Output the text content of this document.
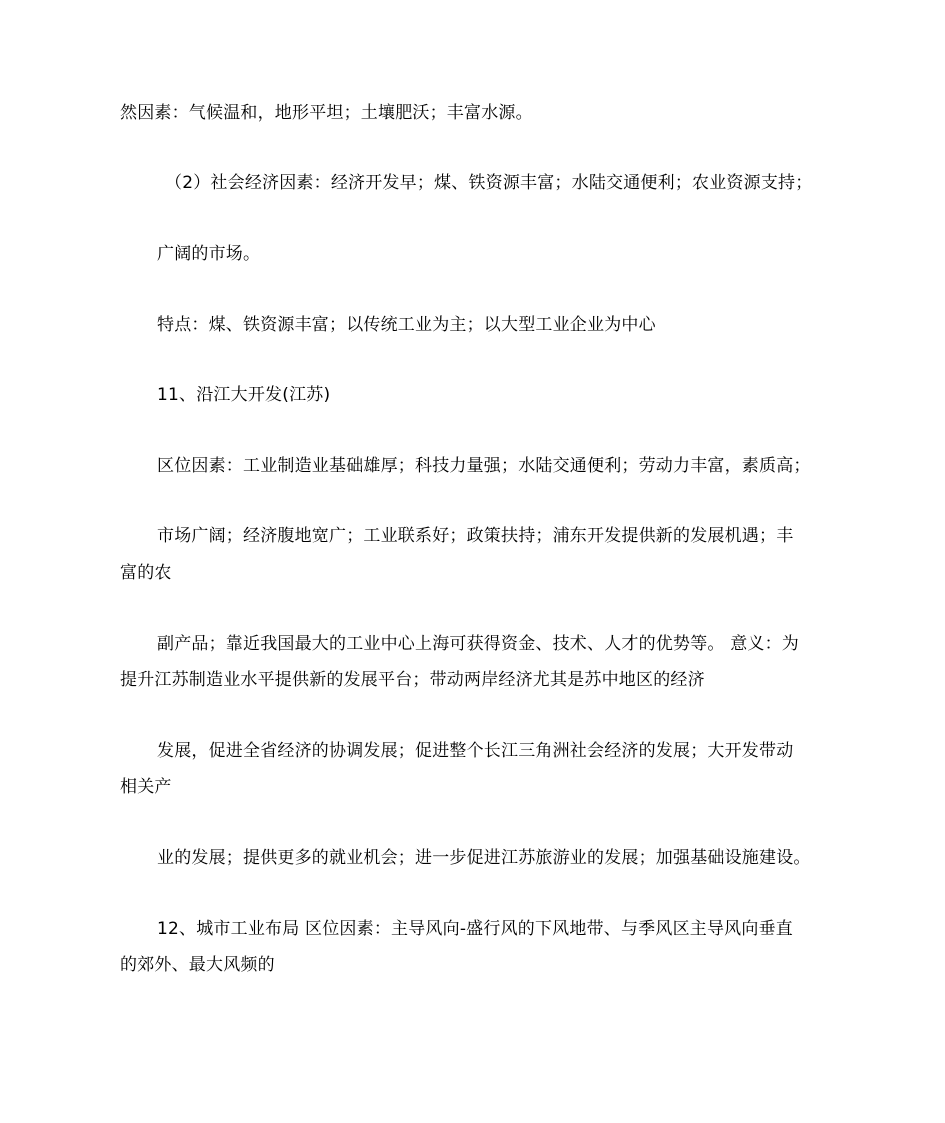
然因素：气候温和，地形平坦；土壤肥沃；丰富水源。
（2）社会经济因素：经济开发早；煤、铁资源丰富；水陆交通便利；农业资源支持；
广阔的市场。
特点：煤、铁资源丰富；以传统工业为主；以大型工业企业为中心
11、沿江大开发(江苏)
区位因素：工业制造业基础雄厚；科技力量强；水陆交通便利；劳动力丰富，素质高；
市场广阔；经济腹地宽广；工业联系好；政策扶持；浦东开发提供新的发展机遇；丰
富的农
副产品；靠近我国最大的工业中心上海可获得资金、技术、人才的优势等。 意义：为
提升江苏制造业水平提供新的发展平台；带动两岸经济尤其是苏中地区的经济
发展，促进全省经济的协调发展；促进整个长江三角洲社会经济的发展；大开发带动
相关产
业的发展；提供更多的就业机会；进一步促进江苏旅游业的发展；加强基础设施建设。
12、城市工业布局 区位因素：主导风向-盛行风的下风地带、与季风区主导风向垂直
的郊外、最大风频的
